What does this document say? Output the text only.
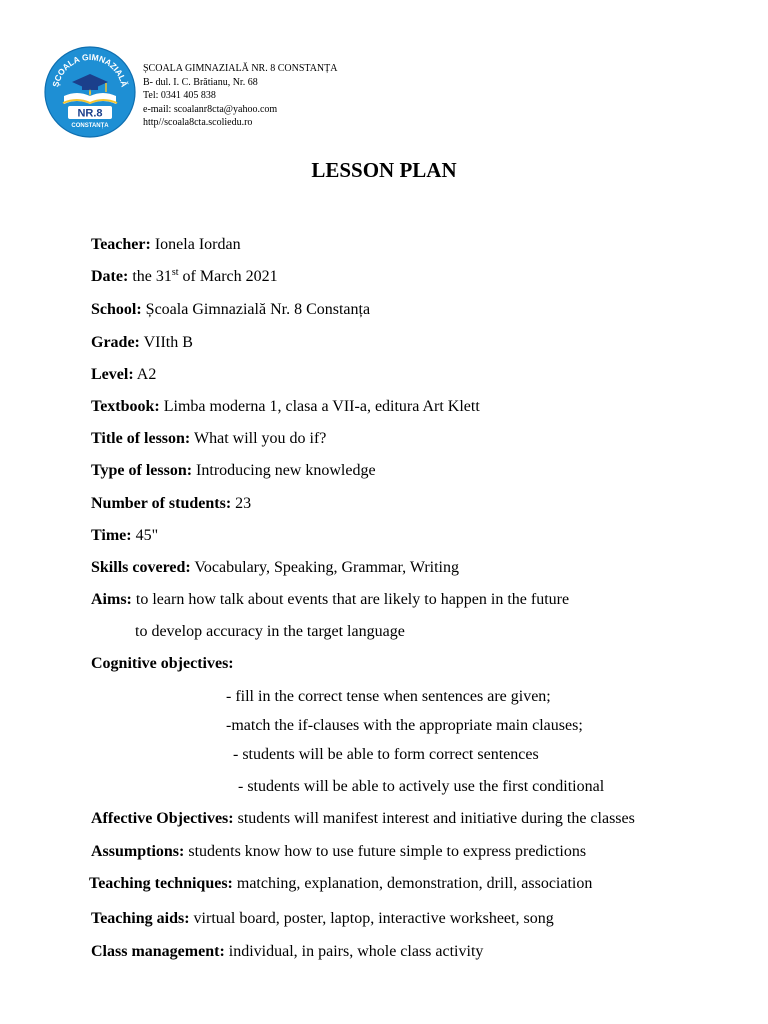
ȘCOALA GIMNAZIALĂ
NR.8
CONSTANȚA
ȘCOALA GIMNAZIALĂ NR. 8 CONSTANȚA
B- dul. I. C. Brătianu, Nr. 68
Tel: 0341 405 838
e-mail: scoalanr8cta@yahoo.com
http//scoala8cta.scoliedu.ro
LESSON PLAN
Teacher: Ionela Iordan
Date: the 31st of March 2021
School: Școala Gimnazială Nr. 8 Constanța
Grade: VIIth B
Level: A2
Textbook: Limba moderna 1, clasa a VII-a, editura Art Klett
Title of lesson: What will you do if?
Type of lesson: Introducing new knowledge
Number of students: 23
Time: 45"
Skills covered: Vocabulary, Speaking, Grammar, Writing
Aims: to learn how talk about events that are likely to happen in the future
to develop accuracy in the target language
Cognitive objectives:
- fill in the correct tense when sentences are given;
-match the if-clauses with the appropriate main clauses;
- students will be able to form correct sentences
- students will be able to actively use the first conditional
Affective Objectives: students will manifest interest and initiative during the classes
Assumptions: students know how to use future simple to express predictions
Teaching techniques: matching, explanation, demonstration, drill, association
Teaching aids: virtual board, poster, laptop, interactive worksheet, song
Class management: individual, in pairs, whole class activity
